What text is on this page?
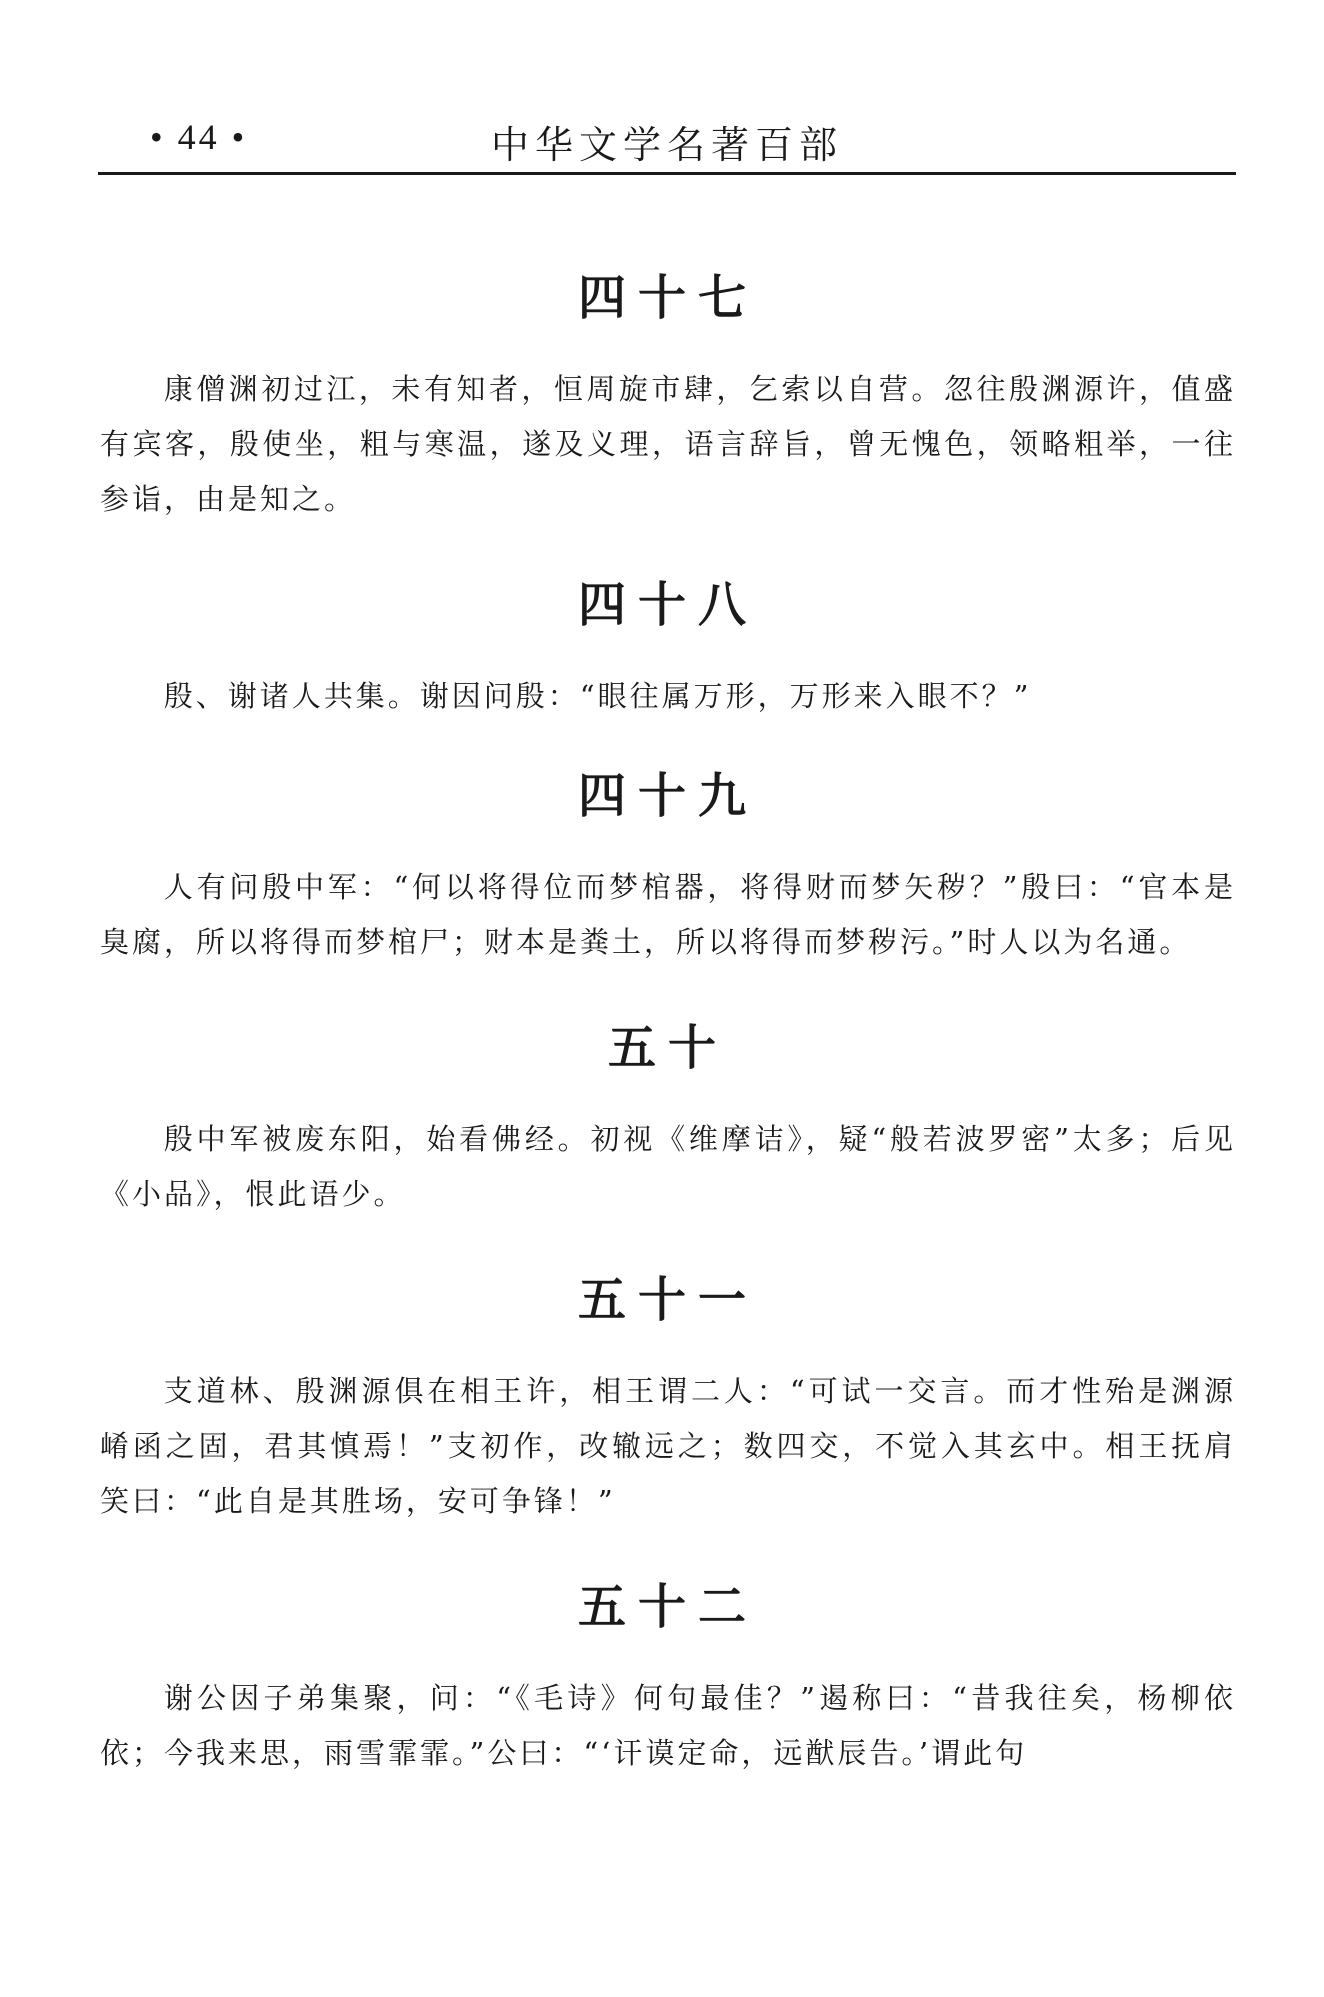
• 44 •	中华文学名著百部
四十七

康僧渊初过江，未有知者，恒周旋市肆，乞索以自营。忽往殷渊源许，值盛有宾客，殷使坐，粗与寒温，遂及义理，语言辞旨，曾无愧色，领略粗举，一往参诣，由是知之。

四十八

殷、谢诸人共集。谢因问殷：“眼往属万形，万形来入眼不？”

四十九

人有问殷中军：“何以将得位而梦棺器，将得财而梦矢秽？”殷曰：“官本是臭腐，所以将得而梦棺尸；财本是粪土，所以将得而梦秽污。”时人以为名通。

五十

殷中军被废东阳，始看佛经。初视《维摩诘》，疑“般若波罗密”太多；后见《小品》，恨此语少。

五十一

支道林、殷渊源俱在相王许，相王谓二人：“可试一交言。而才性殆是渊源崤函之固，君其慎焉！”支初作，改辙远之；数四交，不觉入其玄中。相王抚肩笑曰：“此自是其胜场，安可争锋！”

五十二

谢公因子弟集聚，问：“《毛诗》何句最佳？”遏称曰：“昔我往矣，杨柳依依；今我来思，雨雪霏霏。”公曰：“‘讦谟定命，远猷辰告。’谓此句
